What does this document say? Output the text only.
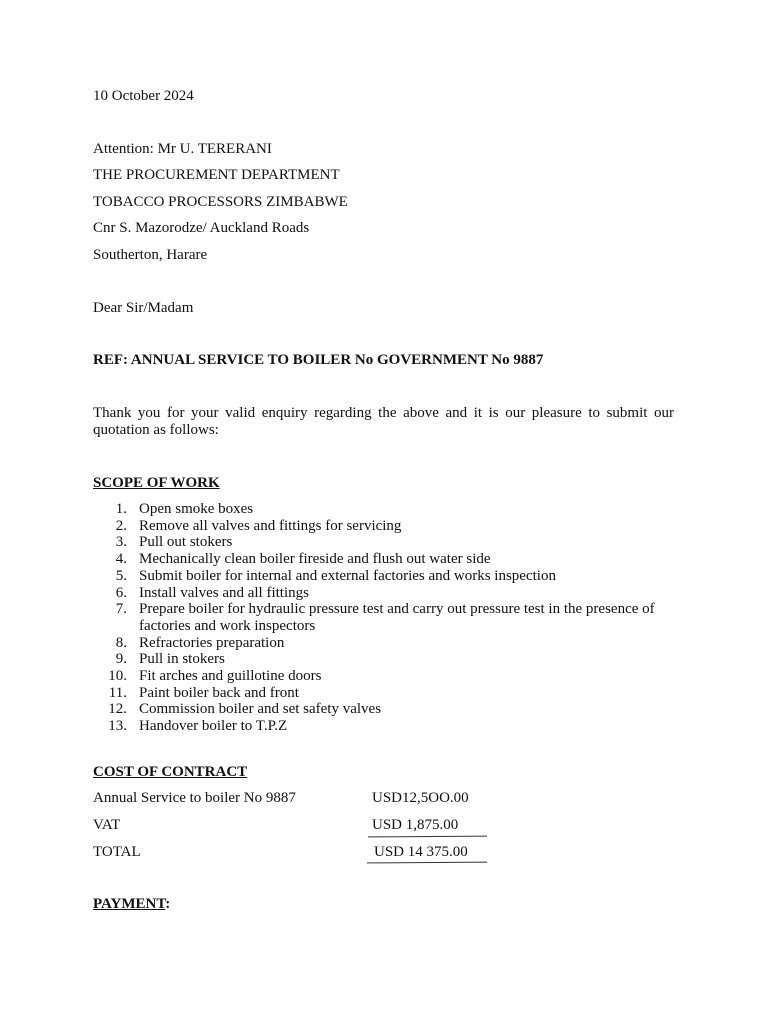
10 October 2024
Attention: Mr U. TERERANI
THE PROCUREMENT DEPARTMENT
TOBACCO PROCESSORS ZIMBABWE
Cnr S. Mazorodze/ Auckland Roads
Southerton, Harare
Dear Sir/Madam
REF: ANNUAL SERVICE TO BOILER No GOVERNMENT No 9887
Thank you for your valid enquiry regarding the above and it is our pleasure to submit our quotation as follows:
SCOPE OF WORK
1. Open smoke boxes
2. Remove all valves and fittings for servicing
3. Pull out stokers
4. Mechanically clean boiler fireside and flush out water side
5. Submit boiler for internal and external factories and works inspection
6. Install valves and all fittings
7. Prepare boiler for hydraulic pressure test and carry out pressure test in the presence of factories and work inspectors
8. Refractories preparation
9. Pull in stokers
10. Fit arches and guillotine doors
11. Paint boiler back and front
12. Commission boiler and set safety valves
13. Handover boiler to T.P.Z
COST OF CONTRACT
Annual Service to boiler No 9887	USD12,5OO.00
VAT	USD 1,875.00
TOTAL	USD 14 375.00
PAYMENT:
